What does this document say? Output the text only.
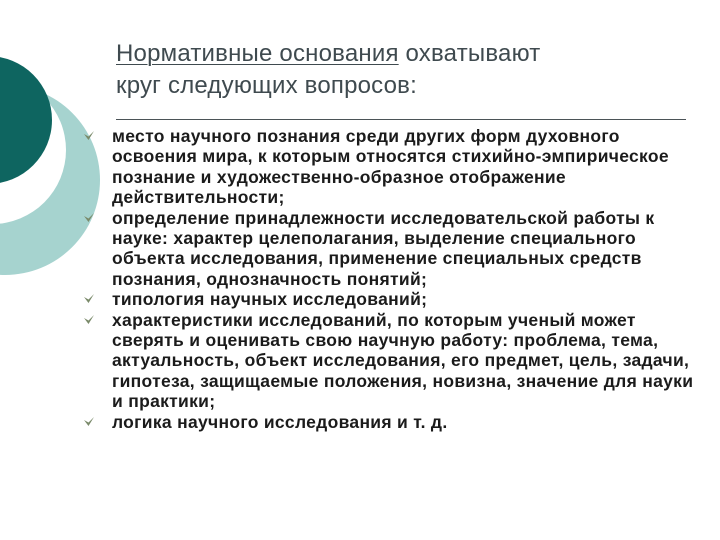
Нормативные основания охватывают
круг следующих вопросов:
место научного познания среди других форм духовного освоения мира, к которым относятся стихийно-эмпирическое познание и художественно-образное отображение действительности;
определение принадлежности исследовательской работы к науке: характер целеполагания, выделение специального объекта исследования, применение специальных средств познания, однозначность понятий;
типология научных исследований;
характеристики исследований, по которым ученый может сверять и оценивать свою научную работу: проблема, тема, актуальность, объект исследования, его предмет, цель, задачи, гипотеза, защищаемые положения, новизна, значение для науки и практики;
логика научного исследования и т. д.
